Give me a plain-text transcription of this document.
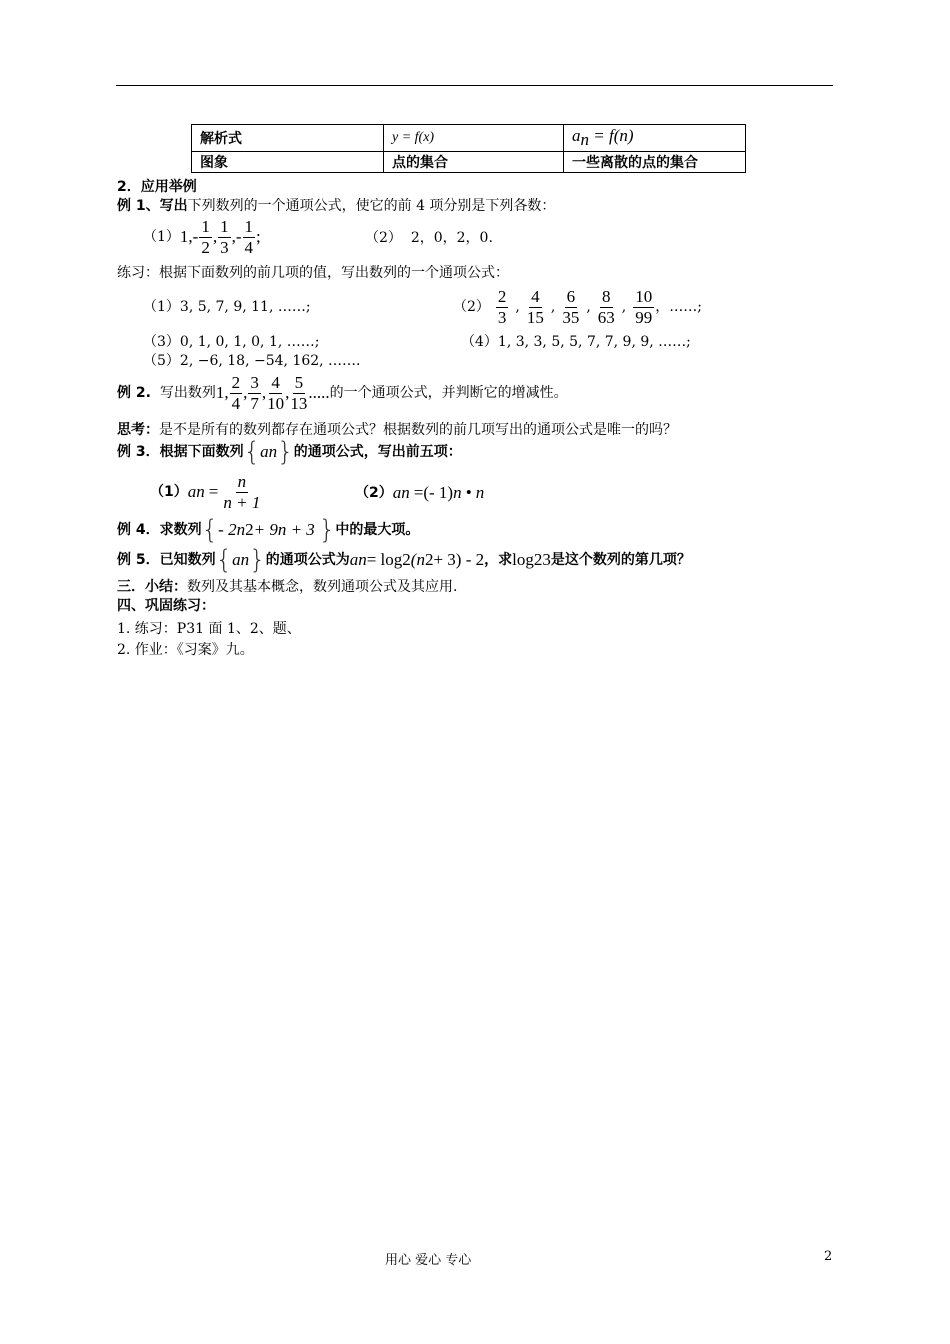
解析式	y = f(x)	$a_n = f(n)$
图象	点的集合	一些离散的点的集合
2．应用举例
例 1、写出下列数列的一个通项公式，使它的前 4 项分别是下列各数：
（1） $1,- \frac{1}{2}$ , $\frac{1}{3}$ ,- $\frac{1}{4}$ ;	（2） 2，0，2，0.
练习：根据下面数列的前几项的值，写出数列的一个通项公式：
（1）3, 5, 7, 9, 11, ……;	$(2) \frac{2}{3}$ , $\frac{4}{15}$ , $\frac{6}{35}$ , $\frac{8}{63}$ , $\frac{10}{99}$ ，……;
（3）0, 1, 0, 1, 0, 1, ……;	（4）1, 3, 3, 5, 5, 7, 7, 9, 9, ……;
（5）2, −6, 18, −54, 162, …….
例 2.
写出数列 1, $\frac{2}{4}$ , $\frac{3}{7}$ , $\frac{4}{10}$ , $\frac{5}{13}$ ..... 的一个通项公式，并判断它的增减性。
思考：是不是所有的数列都存在通项公式？根据数列的前几项写出的通项公式是唯一的吗？
例 3．根据下面数列 { a n } 的通项公式，写出前五项：
（1） a $n = \frac{n}{n + 1}$	（2） a n =(- 1) n • n
例 4．求数列 { - 2n 2 + 9n + 3 } 中的最大项。
例 5．已知数列 { a n } 的通项公式为 a n = log 2 (n 2 + 3) - 2 ，求 log 2 3 是这个数列的第几项？
三．小结：数列及其基本概念，数列通项公式及其应用.
四、巩固练习：
1. 练习：P31 面 1、2、题、
2. 作业：《习案》九。
用心 爱心 专心	2
